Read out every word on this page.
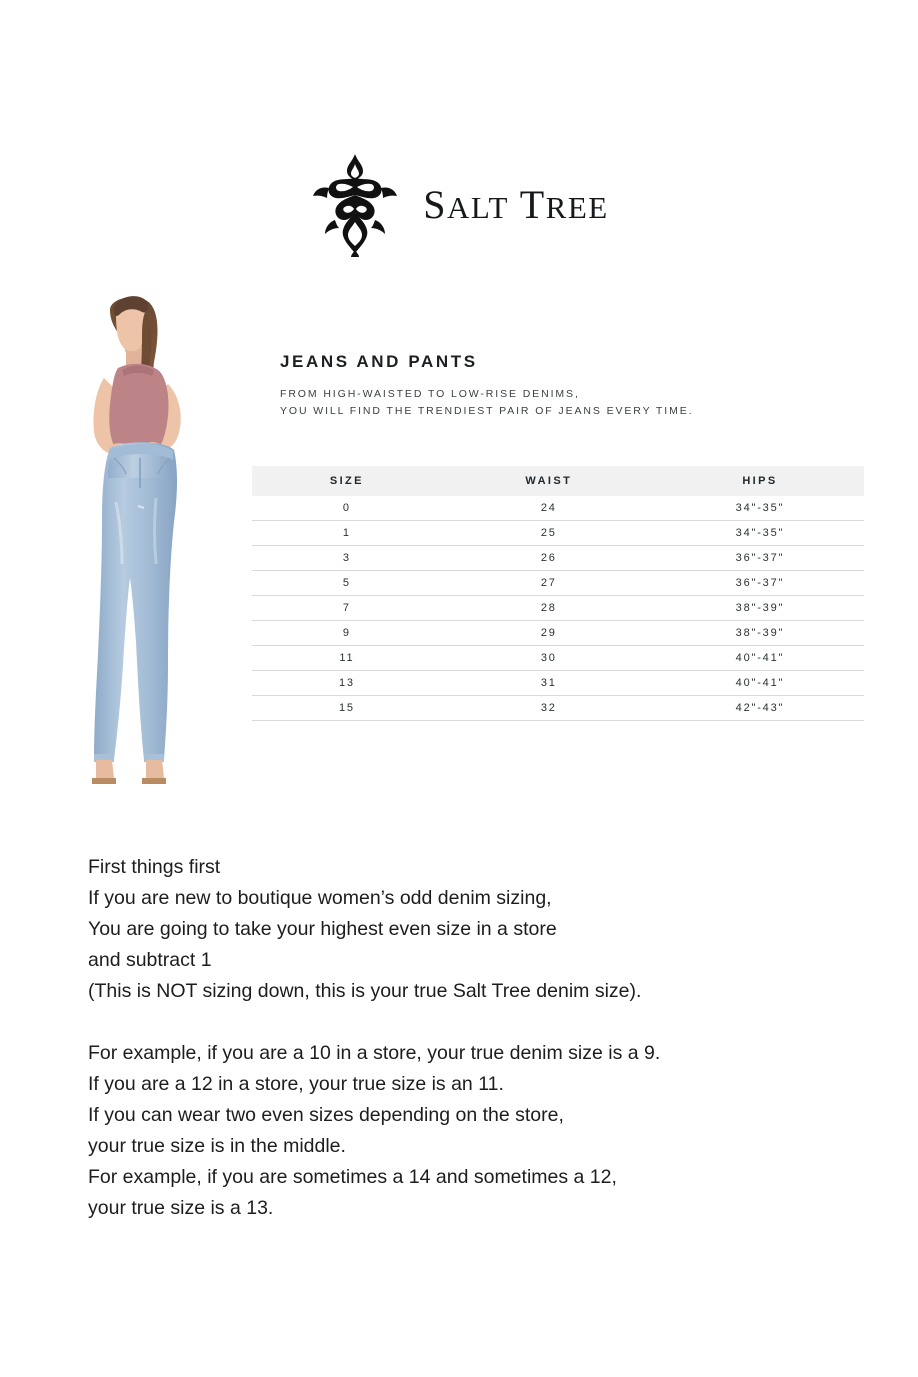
SALT TREE
JEANS AND PANTS

FROM HIGH-WAISTED TO LOW-RISE DENIMS,

YOU WILL FIND THE TRENDIEST PAIR OF JEANS EVERY TIME.

SIZE	WAIST	HIPS
0	24	34"-35"
1	25	34"-35"
3	26	36"-37"
5	27	36"-37"
7	28	38"-39"
9	29	38"-39"
11	30	40"-41"
13	31	40"-41"
15	32	42"-43"

First things first

If you are new to boutique women’s odd denim sizing,

You are going to take your highest even size in a store

and subtract 1

(This is NOT sizing down, this is your true Salt Tree denim size).

For example, if you are a 10 in a store, your true denim size is a 9.

If you are a 12 in a store, your true size is an 11.

If you can wear two even sizes depending on the store,

your true size is in the middle.

For example, if you are sometimes a 14 and sometimes a 12,

your true size is a 13.
